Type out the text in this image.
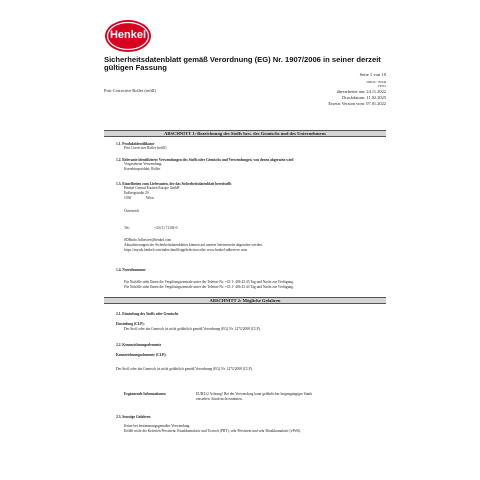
Henkel
Sicherheitsdatenblatt gemäß Verordnung (EG) Nr. 1907/2006 in seiner derzeit gültigen Fassung
Seite 1 von 10
SDB-Nr.: 787449
V003.2
Pritt Corrective Roller (refill)	überarbeitet am: 24.11.2022
Druckdatum: 11.02.2025
Ersetzt Version vom: 07.01.2022
ABSCHNITT 1: Bezeichnung des Stoffs bzw. des Gemischs und des Unternehmens
1.1. Produktidentifikator
Pritt Corrective Roller (refill)
1.2. Relevante identifizierte Verwendungen des Stoffs oder Gemischs und Verwendungen, von denen abgeraten wird
Vorgesehene Verwendung:
Korrekturprodukt; Roller
1.3. Einzelheiten zum Lieferanten, der das Sicherheitsdatenblatt bereitstellt
Henkel Central Eastern Europe GmbH
Erdbergstraße 29
1030	Wien
Österreich
Tel.:	+43 (1) 71104-0
SDBinfo.Adhesive@henkel.com
Aktualisierungen der Sicherheitsdatenblätter können auf unserer Internetseite abgerufen werden.
https://mysds.henkel.com/index.html#/appSelection oder www.henkel-adhesives.com.
1.4. Notrufnummer
Für Notfälle steht Ihnen die Vergiftungszentrale unter der Telefon-Nr. +43 1- 406 43 43 Tag und Nacht zur Verfügung.
Für Notfälle steht Ihnen die Vergiftungszentrale unter der Telefon-Nr. +43 1- 406 43 43 Tag und Nacht zur Verfügung.
ABSCHNITT 2: Mögliche Gefahren
2.1. Einstufung des Stoffs oder Gemischs
Einstufung (CLP):
Der Stoff oder das Gemisch ist nicht gefährlich gemäß Verordnung (EG) Nr. 1272/2008 (CLP).
2.2. Kennzeichnungselemente
Kennzeichnungselemente (CLP):
Der Stoff oder das Gemisch ist nicht gefährlich gemäß Verordnung (EG) Nr. 1272/2008 (CLP).
Ergänzende Informationen	EUH212 Achtung! Bei der Verwendung kann gefährlicher lungengängiger Staub
entstehen. Staub nicht einatmen.
2.3. Sonstige Gefahren
Keine bei bestimmungsgemäßer Verwendung.
Erfüllt nicht die Kriterien Persistent, Bioakkumulativ und Toxisch (PBT), sehr Persistent und sehr Bioakkumulativ (vPvB).
